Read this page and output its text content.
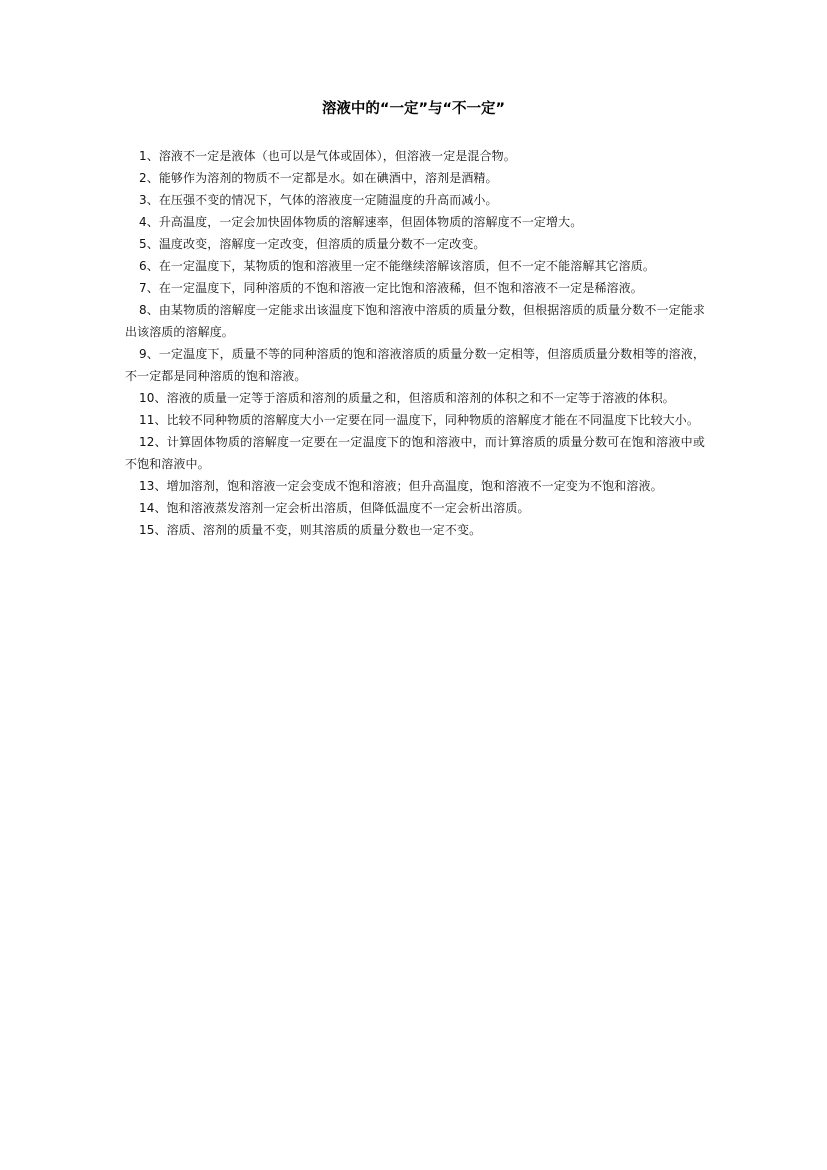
溶液中的“一定”与“不一定”
1、溶液不一定是液体（也可以是气体或固体），但溶液一定是混合物。
2、能够作为溶剂的物质不一定都是水。如在碘酒中，溶剂是酒精。
3、在压强不变的情况下，气体的溶液度一定随温度的升高而减小。
4、升高温度，一定会加快固体物质的溶解速率，但固体物质的溶解度不一定增大。
5、温度改变，溶解度一定改变，但溶质的质量分数不一定改变。
6、在一定温度下，某物质的饱和溶液里一定不能继续溶解该溶质，但不一定不能溶解其它溶质。
7、在一定温度下，同种溶质的不饱和溶液一定比饱和溶液稀，但不饱和溶液不一定是稀溶液。
8、由某物质的溶解度一定能求出该温度下饱和溶液中溶质的质量分数，但根据溶质的质量分数不一定能求出该溶质的溶解度。
9、一定温度下，质量不等的同种溶质的饱和溶液溶质的质量分数一定相等，但溶质质量分数相等的溶液，不一定都是同种溶质的饱和溶液。
10、溶液的质量一定等于溶质和溶剂的质量之和，但溶质和溶剂的体积之和不一定等于溶液的体积。
11、比较不同种物质的溶解度大小一定要在同一温度下，同种物质的溶解度才能在不同温度下比较大小。
12、计算固体物质的溶解度一定要在一定温度下的饱和溶液中，而计算溶质的质量分数可在饱和溶液中或不饱和溶液中。
13、增加溶剂，饱和溶液一定会变成不饱和溶液；但升高温度，饱和溶液不一定变为不饱和溶液。
14、饱和溶液蒸发溶剂一定会析出溶质，但降低温度不一定会析出溶质。
15、溶质、溶剂的质量不变，则其溶质的质量分数也一定不变。
